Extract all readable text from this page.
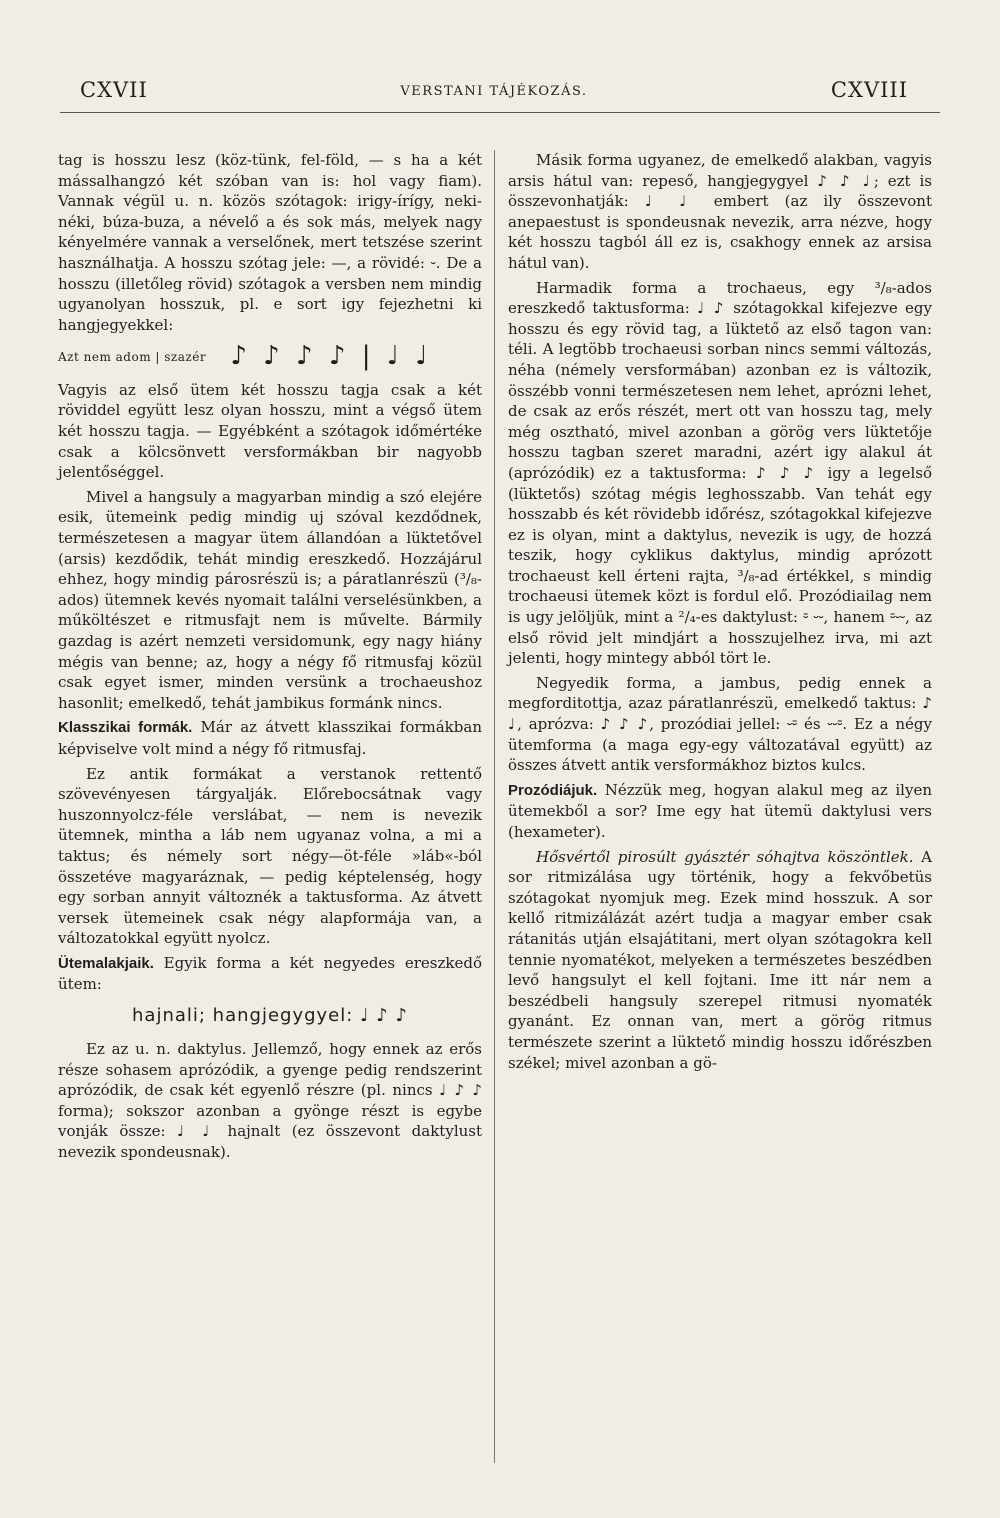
CXVII	VERSTANI TÁJÉKOZÁS.	CXVIII

tag is hosszu lesz (köz-tünk, fel-föld, — s ha a két mássalhangzó két szóban van is: hol vagy fiam). Vannak végül u. n. közös szótagok: irigy-írígy, neki-néki, búza-buza, a névelő a és sok más, melyek nagy kényelmére vannak a verselőnek, mert tetszése szerint használhatja. A hosszu szótag jele: —, a rövidé: ⏑. De a hosszu (illetőleg rövid) szótagok a versben nem mindig ugyanolyan hosszuk, pl. e sort igy fejezhetni ki hangjegyekkel:

Azt nem adom | szazér ♪ ♪ ♪ ♪ | ♩ ♩

Vagyis az első ütem két hosszu tagja csak a két röviddel együtt lesz olyan hosszu, mint a végső ütem két hosszu tagja. — Egyébként a szótagok időmértéke csak a kölcsönvett versformákban bir nagyobb jelentőséggel.

Mivel a hangsuly a magyarban mindig a szó elejére esik, ütemeink pedig mindig uj szóval kezdődnek, természetesen a magyar ütem állandóan a lüktetővel (arsis) kezdődik, tehát mindig ereszkedő. Hozzájárul ehhez, hogy mindig párosrészü is; a páratlanrészü (³/₈-ados) ütemnek kevés nyomait találni verselésünkben, a műköltészet e ritmusfajt nem is művelte. Bármily gazdag is azért nemzeti versidomunk, egy nagy hiány mégis van benne; az, hogy a négy fő ritmusfaj közül csak egyet ismer, minden versünk a trochaeushoz hasonlit; emelkedő, tehát jambikus formánk nincs.

Klasszikai formák. Már az átvett klasszikai formákban képviselve volt mind a négy fő ritmusfaj.

Ez antik formákat a verstanok rettentő szövevényesen tárgyalják. Előrebocsátnak vagy huszonnyolcz-féle verslábat, — nem is nevezik ütemnek, mintha a láb nem ugyanaz volna, a mi a taktus; és némely sort négy—öt-féle »láb«-ból összetéve magyaráznak, — pedig képtelenség, hogy egy sorban annyit változnék a taktusforma. Az átvett versek ütemeinek csak négy alapformája van, a változatokkal együtt nyolcz.

Ütemalakjaik. Egyik forma a két negyedes ereszkedő ütem:

hajnali; hangjegygyel: ♩ ♪ ♪

Ez az u. n. daktylus. Jellemző, hogy ennek az erős része sohasem aprózódik, a gyenge pedig rendszerint aprózódik, de csak két egyenlő részre (pl. nincs ♩ ♪ ♪ forma); sokszor azonban a gyönge részt is egybe vonják össze: ♩ ♩ hajnalt (ez összevont daktylust nevezik spondeusnak).

Másik forma ugyanez, de emelkedő alakban, vagyis arsis hátul van: repeső, hangjegygyel ♪ ♪ ♩; ezt is összevonhatják: ♩ ♩ embert (az ily összevont anepaestust is spondeusnak nevezik, arra nézve, hogy két hosszu tagból áll ez is, csakhogy ennek az arsisa hátul van).

Harmadik forma a trochaeus, egy ³/₈-ados ereszkedő taktusforma: ♩ ♪ szótagokkal kifejezve egy hosszu és egy rövid tag, a lüktető az első tagon van: téli. A legtöbb trochaeusi sorban nincs semmi változás, néha (némely versformában) azonban ez is változik, összébb vonni természetesen nem lehet, aprózni lehet, de csak az erős részét, mert ott van hosszu tag, mely még osztható, mivel azonban a görög vers lüktetője hosszu tagban szeret maradni, azért igy alakul át (aprózódik) ez a taktusforma: ♪ ♪ ♪ igy a legelső (lüktetős) szótag mégis leghosszabb. Van tehát egy hosszabb és két rövidebb időrész, szótagokkal kifejezve ez is olyan, mint a daktylus, nevezik is ugy, de hozzá teszik, hogy cyklikus daktylus, mindig aprózott trochaeust kell érteni rajta, ³/₈-ad értékkel, s mindig trochaeusi ütemek közt is fordul elő. Prozódiailag nem is ugy jelöljük, mint a ²/₄-es daktylust: ⏒ ⏑⏑, hanem ⏒⏑⏑, az első rövid jelt mindjárt a hosszujelhez irva, mi azt jelenti, hogy mintegy abból tört le.

Negyedik forma, a jambus, pedig ennek a megforditottja, azaz páratlanrészü, emelkedő taktus: ♪ ♩, aprózva: ♪ ♪ ♪, prozódiai jellel: ⏑⏒ és ⏑⏑⏒. Ez a négy ütemforma (a maga egy-egy változatával együtt) az összes átvett antik versformákhoz biztos kulcs.

Prozódiájuk. Nézzük meg, hogyan alakul meg az ilyen ütemekből a sor? Ime egy hat ütemü daktylusi vers (hexameter).

Hősvértől pirosúlt gyásztér sóhajtva köszöntlek. A sor ritmizálása ugy történik, hogy a fekvőbetüs szótagokat nyomjuk meg. Ezek mind hosszuk. A sor kellő ritmizálázát azért tudja a magyar ember csak rátanitás utján elsajátitani, mert olyan szótagokra kell tennie nyomatékot, melyeken a természetes beszédben levő hangsulyt el kell fojtani. Ime itt nár nem a beszédbeli hangsuly szerepel ritmusi nyomaték gyanánt. Ez onnan van, mert a görög ritmus természete szerint a lüktető mindig hosszu időrészben székel; mivel azonban a gö-
